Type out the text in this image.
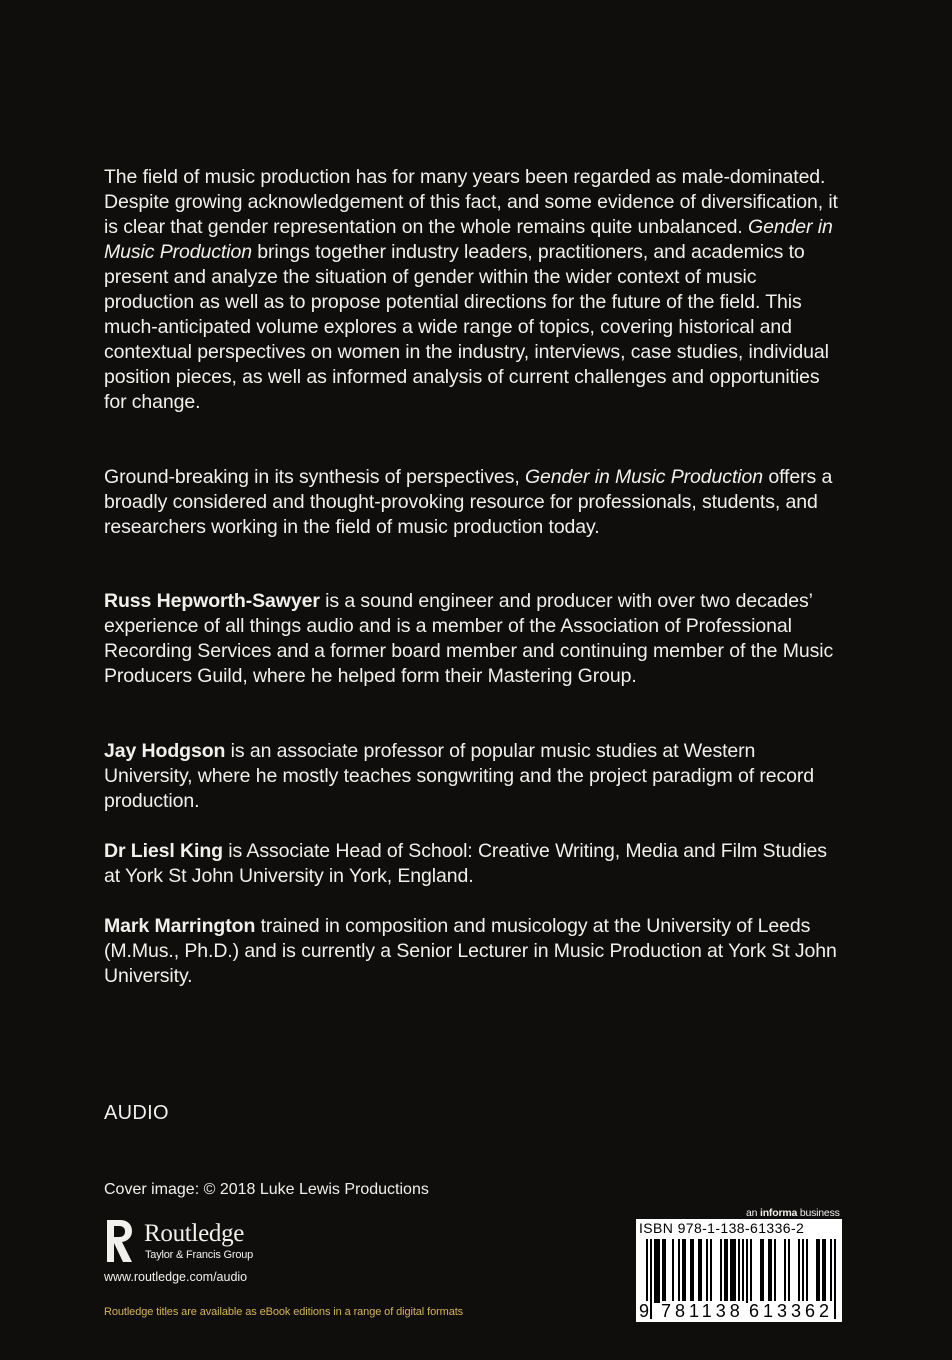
The field of music production has for many years been regarded as male-dominated. Despite growing acknowledgement of this fact, and some evidence of diversification, it is clear that gender representation on the whole remains quite unbalanced. Gender in Music Production brings together industry leaders, practitioners, and academics to present and analyze the situation of gender within the wider context of music production as well as to propose potential directions for the future of the field. This much-anticipated volume explores a wide range of topics, covering historical and contextual perspectives on women in the industry, interviews, case studies, individual position pieces, as well as informed analysis of current challenges and opportunities for change.

Ground-breaking in its synthesis of perspectives, Gender in Music Production offers a broadly considered and thought-provoking resource for professionals, students, and researchers working in the field of music production today.

Russ Hepworth-Sawyer is a sound engineer and producer with over two decades’ experience of all things audio and is a member of the Association of Professional Recording Services and a former board member and continuing member of the Music Producers Guild, where he helped form their Mastering Group.

Jay Hodgson is an associate professor of popular music studies at Western University, where he mostly teaches songwriting and the project paradigm of record production.

Dr Liesl King is Associate Head of School: Creative Writing, Media and Film Studies at York St John University in York, England.

Mark Marrington trained in composition and musicology at the University of Leeds (M.Mus., Ph.D.) and is currently a Senior Lecturer in Music Production at York St John University.

AUDIO
Cover image: © 2018 Luke Lewis Productions
Routledge
Taylor & Francis Group
www.routledge.com/audio
Routledge titles are available as eBook editions in a range of digital formats
an informa business
ISBN 978-1-138-61336-2
9 781138 613362
